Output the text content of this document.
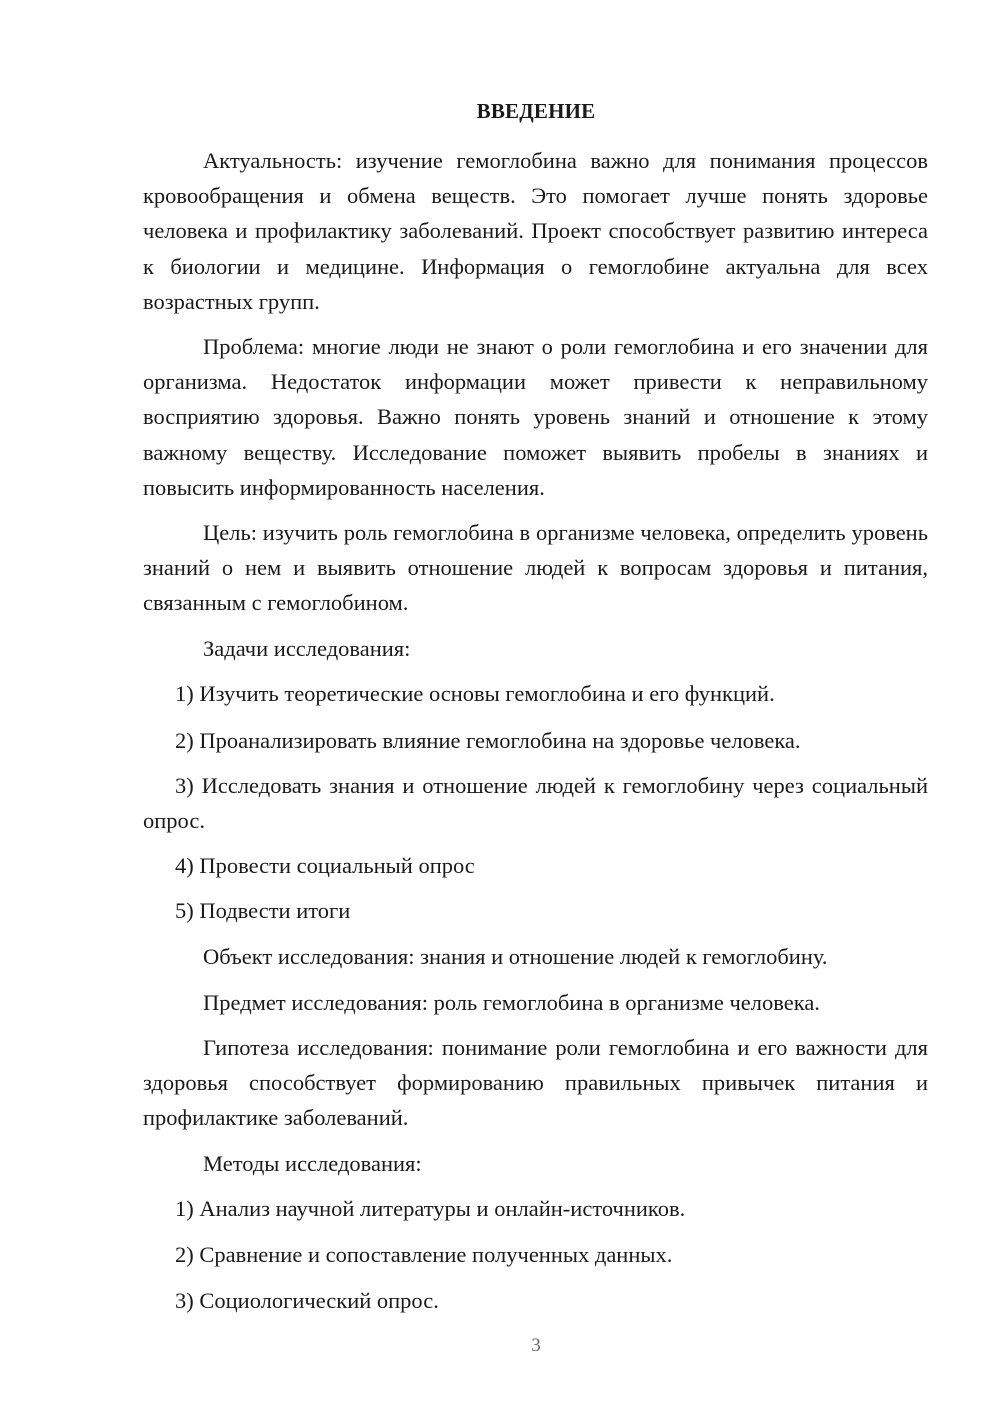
ВВЕДЕНИЕ

Актуальность: изучение гемоглобина важно для понимания процессов кровообращения и обмена веществ. Это помогает лучше понять здоровье человека и профилактику заболеваний. Проект способствует развитию интереса к биологии и медицине. Информация о гемоглобине актуальна для всех возрастных групп.

Проблема: многие люди не знают о роли гемоглобина и его значении для организма. Недостаток информации может привести к неправильному восприятию здоровья. Важно понять уровень знаний и отношение к этому важному веществу. Исследование поможет выявить пробелы в знаниях и повысить информированность населения.

Цель: изучить роль гемоглобина в организме человека, определить уровень знаний о нем и выявить отношение людей к вопросам здоровья и питания, связанным с гемоглобином.

Задачи исследования:

1) Изучить теоретические основы гемоглобина и его функций.

2) Проанализировать влияние гемоглобина на здоровье человека.

3) Исследовать знания и отношение людей к гемоглобину через социальный опрос.

4) Провести социальный опрос

5) Подвести итоги

Объект исследования: знания и отношение людей к гемоглобину.

Предмет исследования: роль гемоглобина в организме человека.

Гипотеза исследования: понимание роли гемоглобина и его важности для здоровья способствует формированию правильных привычек питания и профилактике заболеваний.

Методы исследования:

1) Анализ научной литературы и онлайн-источников.

2) Сравнение и сопоставление полученных данных.

3) Социологический опрос.

3
